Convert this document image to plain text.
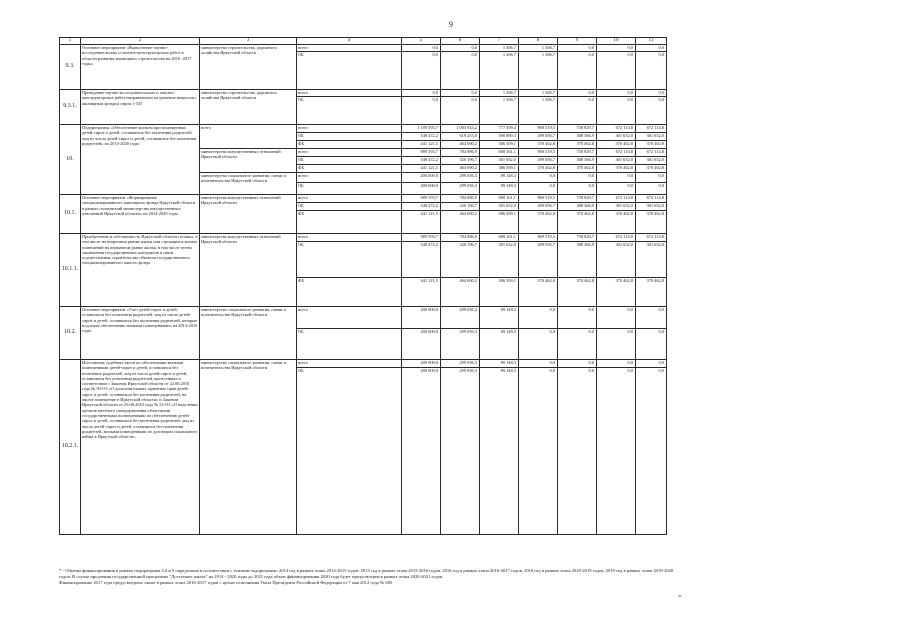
9
1	2	3	4	5	6	7	8	9	10	11
9.3.	Основное мероприятие «Выполнение научно-исследовательских и опытно-конструкторских работ в области развития жилищного строительства на 2016 -2017 годы»	министерство строительства, дорожного хозяйства Иркутской области	всего	0,0	0,0	1 306,7	1 306,7	0,0	0,0	0,0
			ОБ	0,0	0,0	1 306,7	1 306,7	0,0	0,0	0,0
9.3.1.	Проведение научно-исследовательских и опытно-конструкторских работ направленных на решение вопросов с жилищным фондом серии 1-335	министерство строительства, дорожного хозяйства Иркутской области	всего	0,0	0,0	1 306,7	1 306,7	0,0	0,0	0,0
			ОБ	0,0	0,0	1 306,7	1 306,7	0,0	0,0	0,0
10.	Подпрограмма «Обеспечение жильем при помещенных детей-сирот и детей, оставшихся без попечения родителей, лиц из числа детей-сирот и детей, оставшихся без попечения родителей» на 2014-2020 годы	всего	всего	1 189 593,7	1 083 943,2	777 309,4	869 519,5	758 829,7	672 114,8	672 114,8
			ОБ	548 472,2	619 253,0	390 800,3	499 056,7	388 366,9	301 652,0	301 652,0
			ФБ	441 121,5	464 690,2	386 509,1	370 462,8	370 462,8	370 462,8	370 462,8
		министерство имущественных отношений Иркутской области	всего	989 593,7	784 886,9	688 161,1	869 519,5	758 829,7	672 114,8	672 114,8
			ОБ	548 472,2	320 196,7	301 652,0	499 056,7	388 366,9	301 652,0	301 652,0
			ФБ	441 121,5	464 690,2	386 509,1	370 462,8	370 462,8	370 462,8	370 462,8
		министерство социального развития, опеки и попечительства Иркутской области	всего	200 000,0	299 056,3	89 148,3	0,0	0,0	0,0	0,0
			ОБ	200 000,0	299 056,3	89 148,3	0,0	0,0	0,0	0,0
10.1.	Основное мероприятие «Формирование специализированного жилищного фонда Иркутской области в рамках полномочий министерства имущественных отношений Иркутской области» на 2014-2020 годы	министерство имущественных отношений Иркутской области	всего	989 593,7	784 886,9	688 161,1	869 519,5	758 829,7	672 114,8	672 114,8
			ОБ	548 472,2	320 196,7	301 652,0	499 056,7	388 366,9	301 652,0	301 652,0
			ФБ	441 121,5	464 690,2	386 509,1	370 462,8	370 462,8	370 462,8	370 462,8
10.1.1.	Приобретение в собственность Иркутской области готовых, в том числе на вторичном рынке жилья или строящихся жилых помещений на первичном рынке жилья, в том числе путем заключения государственных контрактов в связи осуществления строительства объектов государственного специализированного жилого фонда	министерство имущественных отношений Иркутской области	всего	989 593,7	784 886,9	688 161,1	869 519,5	758 829,7	672 114,8	672 114,8
			ОБ	548 472,2	320 196,7	301 652,0	499 056,7	388 366,9	301 652,0	301 652,0
			ФБ	441 121,5	464 690,2	386 509,1	370 462,8	370 462,8	370 462,8	370 462,8
10.2.	Основное мероприятие «Учет детей-сирот и детей, оставшихся без попечения родителей, лиц из числа детей-сирот и детей, оставшихся без попечения родителей, которые подлежат обеспечению жилыми помещениями» на 2014-2016 годы	министерство социального развития, опеки и попечительства Иркутской области	всего	200 000,0	299 056,3	89 148,3	0,0	0,0	0,0	0,0
			ОБ	200 000,0	299 056,3	89 148,3	0,0	0,0	0,0	0,0
10.2.1.	Исполнение судебных актов по обеспечению жилыми помещениями детей-сирот и детей, оставшихся без попечения родителей, лиц из числа детей-сирот и детей, оставшихся без попечения родителей, вынесенных в соответствии с Законом Иркутской области от 22.06.2010 года № 50-ОЗ «О дополнительных гарантиях прав детей-сирот и детей, оставшихся без попечения родителей, на жилое помещение в Иркутской области» и Законом Иркутской области от 29.06.2010 года № 52-ОЗ «О наделении органов местного самоуправления областными государственными полномочиями по обеспечению детей-сирот и детей, оставшихся без попечения родителей, лиц из числа детей-сирот и детей, оставшихся без попечения родителей, жилыми помещениями по договорам социального найма в Иркутской области»	министерство социального развития, опеки и попечительства Иркутской области	всего	200 000,0	299 056,3	89 148,3	0,0	0,0	0,0	0,0
			ОБ	200 000,0	299 056,3	89 148,3	0,0	0,0	0,0	0,0
* - Объемы финансирования в рамках подпрограмм 3,4 и 5 определены в соответствии с этапами подпрограмм: 2014 год в рамках этапа 2014-2015 годов, 2015 год в рамках этапа 2015-2016 годов, 2016 год в рамках этапа 2016-2017 годов, 2018 год в рамках этапа 2018-2019 годов, 2019 год в рамках этапа 2019-2020 годов. В случае продления государственной программы "Доступное жилье" на 2014 - 2020 годы до 2021 года объем финансирования 2020 года будет предусмотрен в рамках этапа 2020-2021 годов.
Финансирование 2017 года предусмотрено также в рамках этапа 2016-2017 годов с целью исполнения Указа Президента Российской Федерации от 7 мая 2012 года № 600
».
